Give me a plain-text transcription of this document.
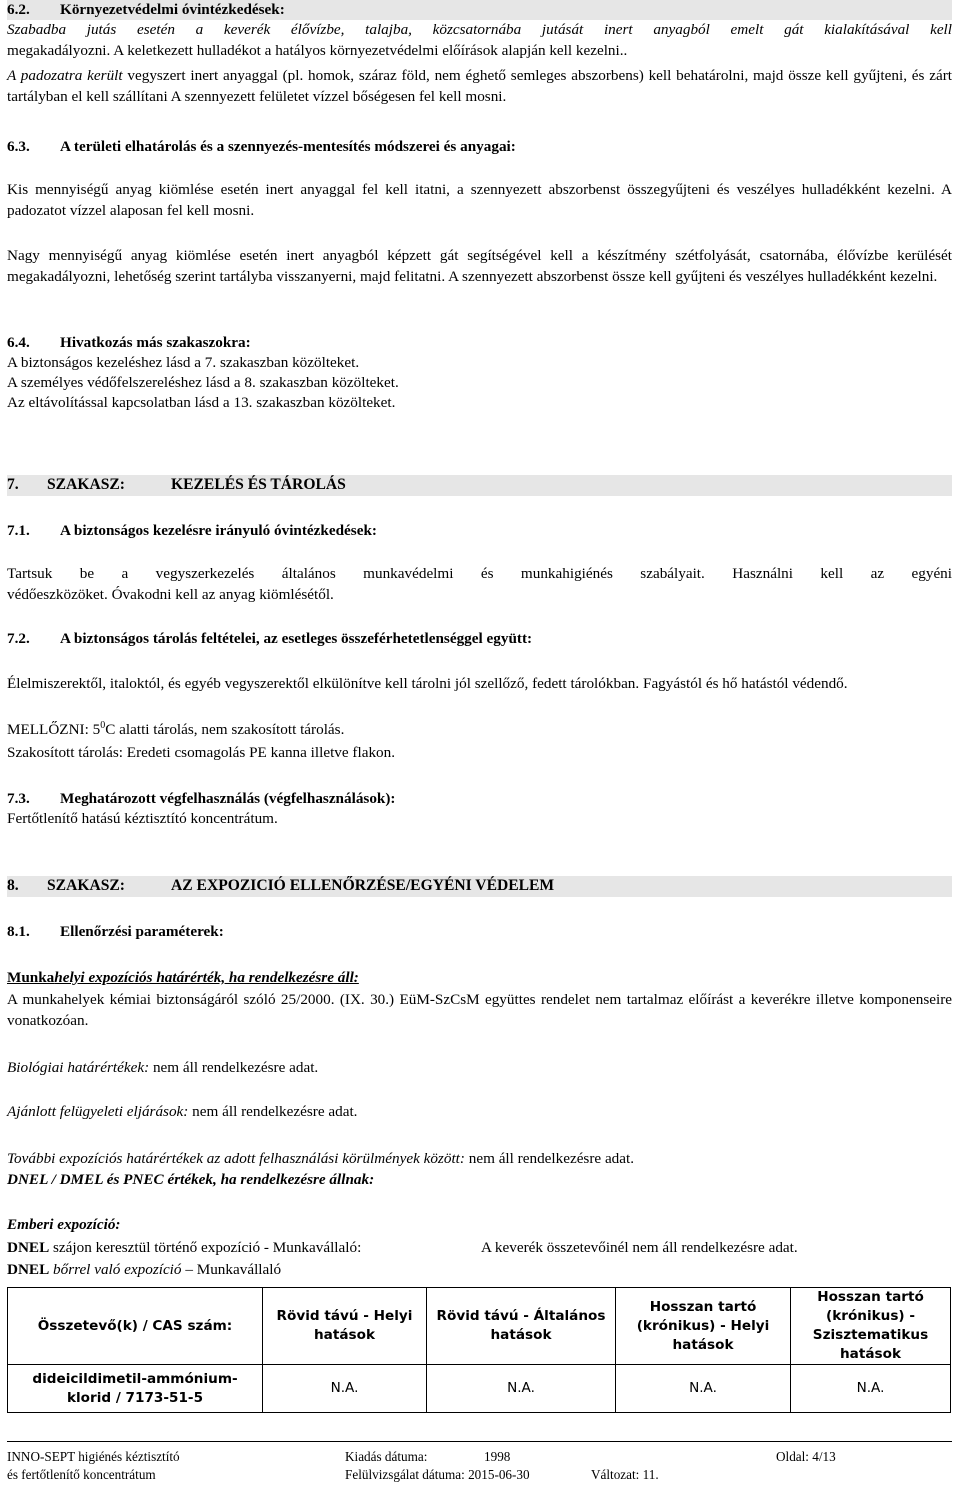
6.2. Környezetvédelmi óvintézkedések:
Szabadba jutás esetén a keverék élővízbe, talajba, közcsatornába jutását inert anyagból emelt gát kialakításával kell
megakadályozni. A keletkezett hulladékot a hatályos környezetvédelmi előírások alapján kell kezelni..
A padozatra került vegyszert inert anyaggal (pl. homok, száraz föld, nem éghető semleges abszorbens) kell behatárolni, majd össze kell gyűjteni, és zárt tartályban el kell szállítani A szennyezett felületet vízzel bőségesen fel kell mosni.
6.3. A területi elhatárolás és a szennyezés-mentesítés módszerei és anyagai:
Kis mennyiségű anyag kiömlése esetén inert anyaggal fel kell itatni, a szennyezett abszorbenst összegyűjteni és veszélyes hulladékként kezelni. A padozatot vízzel alaposan fel kell mosni.
Nagy mennyiségű anyag kiömlése esetén inert anyagból képzett gát segítségével kell a készítmény szétfolyását, csatornába, élővízbe kerülését megakadályozni, lehetőség szerint tartályba visszanyerni, majd felitatni. A szennyezett abszorbenst össze kell gyűjteni és veszélyes hulladékként kezelni.
6.4. Hivatkozás más szakaszokra:
A biztonságos kezeléshez lásd a 7. szakaszban közölteket.
A személyes védőfelszereléshez lásd a 8. szakaszban közölteket.
Az eltávolítással kapcsolatban lásd a 13. szakaszban közölteket.
7. SZAKASZ:	KEZELÉS ÉS TÁROLÁS
7.1. A biztonságos kezelésre irányuló óvintézkedések:
Tartsuk be a vegyszerkezelés általános munkavédelmi és munkahigiénés szabályait. Használni kell az egyéni
védőeszközöket. Óvakodni kell az anyag kiömlésétől.
7.2. A biztonságos tárolás feltételei, az esetleges összeférhetetlenséggel együtt:
Élelmiszerektől, italoktól, és egyéb vegyszerektől elkülönítve kell tárolni jól szellőző, fedett tárolókban. Fagyástól és hő hatástól védendő.
MELLŐZNI: $5^0C$ alatti tárolás, nem szakosított tárolás.
Szakosított tárolás: Eredeti csomagolás PE kanna illetve flakon.
7.3. Meghatározott végfelhasználás (végfelhasználások):
Fertőtlenítő hatású kéztisztító koncentrátum.
8. SZAKASZ:	AZ EXPOZICIÓ ELLENŐRZÉSE/EGYÉNI VÉDELEM
8.1. Ellenőrzési paraméterek:
Munkahelyi expozíciós határérték, ha rendelkezésre áll:
A munkahelyek kémiai biztonságáról szóló 25/2000. (IX. 30.) EüM-SzCsM együttes rendelet nem tartalmaz előírást a keverékre illetve komponenseire vonatkozóan.
Biológiai határértékek: nem áll rendelkezésre adat.
Ajánlott felügyeleti eljárások: nem áll rendelkezésre adat.
További expozíciós határértékek az adott felhasználási körülmények között: nem áll rendelkezésre adat.
DNEL / DMEL és PNEC értékek, ha rendelkezésre állnak:
Emberi expozíció:
DNEL szájon keresztül történő expozíció - Munkavállaló:	A keverék összetevőinél nem áll rendelkezésre adat.
DNEL bőrrel való expozíció – Munkavállaló
Összetevő(k) / CAS szám:	Rövid távú - Helyi hatások	Rövid távú - Általános hatások	Hosszan tartó (krónikus) - Helyi hatások	Hosszan tartó (krónikus) - Szisztematikus hatások
dideicildimetil-ammónium-klorid / 7173-51-5	N.A.	N.A.	N.A.	N.A.
INNO-SEPT higiénés kéztisztító
és fertőtlenítő koncentrátum
Kiadás dátuma:	1998
Felülvizsgálat dátuma: 2015-06-30
Oldal: 4/13
Változat: 11.
